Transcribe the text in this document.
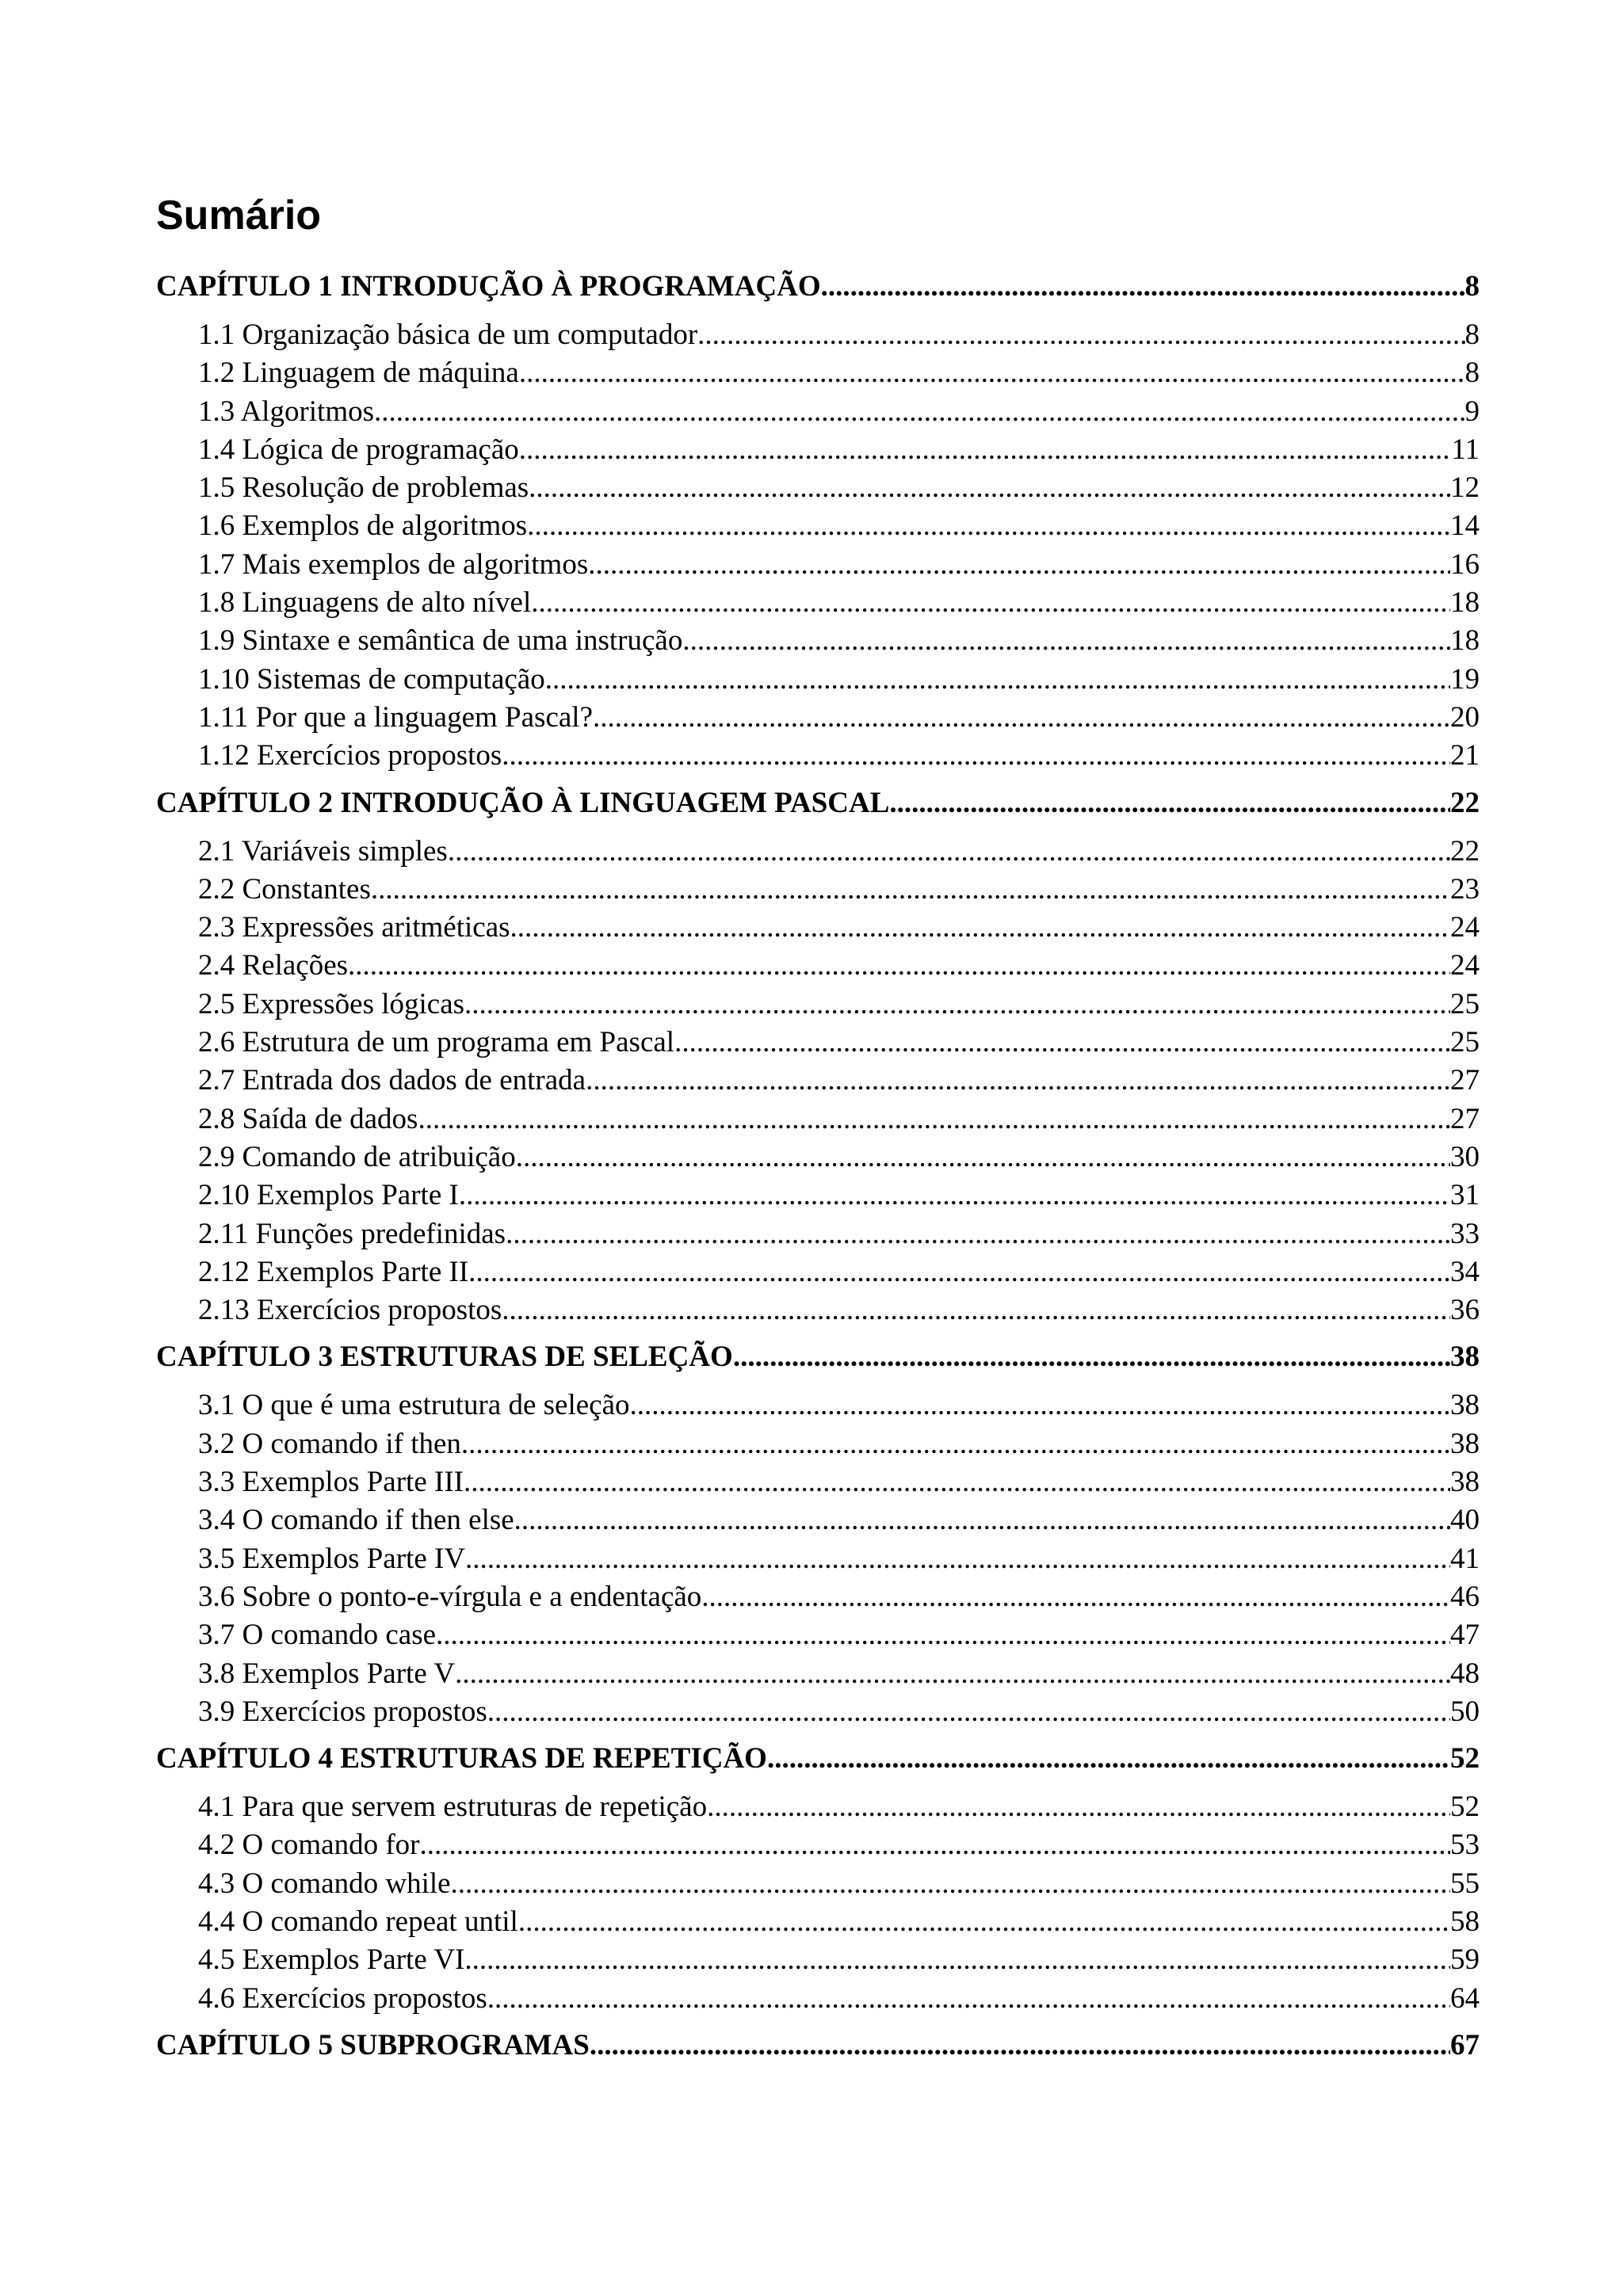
Sumário
CAPÍTULO 1 INTRODUÇÃO À PROGRAMAÇÃO .....	8
1.1 Organização básica de um computador .....	8
1.2 Linguagem de máquina .....	8
1.3 Algoritmos .....	9
1.4 Lógica de programação .....	11
1.5 Resolução de problemas .....	12
1.6 Exemplos de algoritmos .....	14
1.7 Mais exemplos de algoritmos .....	16
1.8 Linguagens de alto nível .....	18
1.9 Sintaxe e semântica de uma instrução .....	18
1.10 Sistemas de computação .....	19
1.11 Por que a linguagem Pascal? .....	20
1.12 Exercícios propostos .....	21
CAPÍTULO 2 INTRODUÇÃO À LINGUAGEM PASCAL .....	22
2.1 Variáveis simples .....	22
2.2 Constantes .....	23
2.3 Expressões aritméticas .....	24
2.4 Relações .....	24
2.5 Expressões lógicas .....	25
2.6 Estrutura de um programa em Pascal .....	25
2.7 Entrada dos dados de entrada .....	27
2.8 Saída de dados .....	27
2.9 Comando de atribuição .....	30
2.10 Exemplos Parte I .....	31
2.11 Funções predefinidas .....	33
2.12 Exemplos Parte II .....	34
2.13 Exercícios propostos .....	36
CAPÍTULO 3 ESTRUTURAS DE SELEÇÃO .....	38
3.1 O que é uma estrutura de seleção .....	38
3.2 O comando if then .....	38
3.3 Exemplos Parte III .....	38
3.4 O comando if then else .....	40
3.5 Exemplos Parte IV .....	41
3.6 Sobre o ponto-e-vírgula e a endentação .....	46
3.7 O comando case .....	47
3.8 Exemplos Parte V .....	48
3.9 Exercícios propostos .....	50
CAPÍTULO 4 ESTRUTURAS DE REPETIÇÃO .....	52
4.1 Para que servem estruturas de repetição .....	52
4.2 O comando for .....	53
4.3 O comando while .....	55
4.4 O comando repeat until .....	58
4.5 Exemplos Parte VI .....	59
4.6 Exercícios propostos .....	64
CAPÍTULO 5 SUBPROGRAMAS .....	67
